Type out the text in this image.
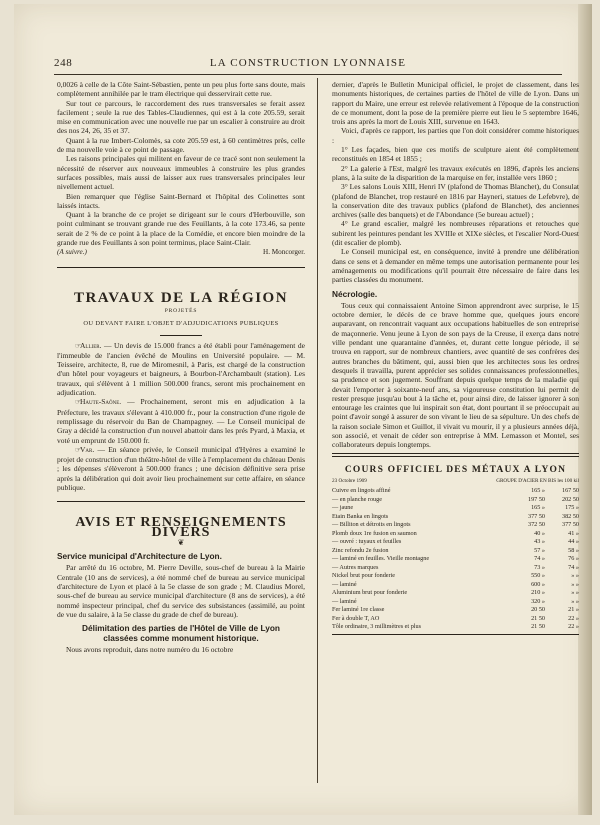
248	LA CONSTRUCTION LYONNAISE

0,0026 à celle de la Côte Saint-Sébastien, pente un peu plus forte sans doute, mais complètement annihilée par le tram électrique qui desservirait cette rue.

Sur tout ce parcours, le raccordement des rues transversales se ferait assez facilement ; seule la rue des Tables-Claudiennes, qui est à la cote 205.59, serait mise en communication avec une nouvelle rue par un escalier à construire au droit des nos 24, 26, 35 et 37.

Quant à la rue Imbert-Colomès, sa cote 205.59 est, à 60 centimètres près, celle de ma nouvelle voie à ce point de passage.

Les raisons principales qui militent en faveur de ce tracé sont non seulement la nécessité de réserver aux nouveaux immeubles à construire les plus grandes surfaces possibles, mais aussi de laisser aux rues transversales principales leur nivellement actuel.

Bien remarquer que l'église Saint-Bernard et l'hôpital des Colinettes sont laissés intacts.

Quant à la branche de ce projet se dirigeant sur le cours d'Herbouville, son point culminant se trouvant grande rue des Feuillants, à la cote 173.46, sa pente serait de 2 % de ce point à la place de la Comédie, et encore bien moindre de la grande rue des Feuillants à son point terminus, place Saint-Clair.

(A suivre.)	H. Moncorger.
TRAVAUX DE LA RÉGION
PROJETÉS
OU DEVANT FAIRE L'OBJET D'ADJUDICATIONS PUBLIQUES

☞Allier. — Un devis de 15.000 francs a été établi pour l'aménagement de l'immeuble de l'ancien évêché de Moulins en Université populaire. — M. Teisseire, architecte, 8, rue de Miromesnil, à Paris, est chargé de la construction d'un hôtel pour voyageurs et baigneurs, à Bourbon-l'Archambault (station). Les travaux, qui s'élèvent à 1 million 500.000 francs, seront mis prochainement en adjudication.

☞Haute-Saône. — Prochainement, seront mis en adjudication à la Préfecture, les travaux s'élevant à 410.000 fr., pour la construction d'une rigole de remplissage du réservoir du Ban de Champagney. — Le Conseil municipal de Gray a décidé la construction d'un nouvel abattoir dans les prés Pyard, à Maxia, et voté un emprunt de 150.000 fr.

☞Var. — En séance privée, le Conseil municipal d'Hyères a examiné le projet de construction d'un théâtre-hôtel de ville à l'emplacement du château Denis ; les dépenses s'élèveront à 500.000 francs ; une décision définitive sera prise après la délibération qui doit avoir lieu prochainement sur cette affaire, en séance publique.

AVIS ET RENSEIGNEMENTS DIVERS
❦
Service municipal d'Architecture de Lyon.

Par arrêté du 16 octobre, M. Pierre Deville, sous-chef de bureau à la Mairie Centrale (10 ans de services), a été nommé chef de bureau au service municipal d'architecture de Lyon et placé à la 5e classe de son grade ; M. Claudius Morel, sous-chef de bureau au service municipal d'architecture (8 ans de services), a été nommé inspecteur principal, chef du service des subsistances (assimilé, au point de vue du salaire, à la 5e classe du grade de chef de bureau).

Délimitation des parties de l'Hôtel de Ville de Lyon classées comme monument historique.

Nous avons reproduit, dans notre numéro du 16 octobre

dernier, d'après le Bulletin Municipal officiel, le projet de classement, dans les monuments historiques, de certaines parties de l'hôtel de ville de Lyon. Dans un rapport du Maire, une erreur est relevée relativement à l'époque de la construction de ce monument, dont la pose de la première pierre eut lieu le 5 septembre 1646, trois ans après la mort de Louis XIII, survenue en 1643.

Voici, d'après ce rapport, les parties que l'on doit considérer comme historiques :

1° Les façades, bien que ces motifs de sculpture aient été complètement reconstitués en 1854 et 1855 ;

2° La galerie à l'Est, malgré les travaux exécutés en 1896, d'après les anciens plans, à la suite de la disparition de la marquise en fer, installée vers 1860 ;

3° Les salons Louis XIII, Henri IV (plafond de Thomas Blanchet), du Consulat (plafond de Blanchet, trop restauré en 1816 par Hayneri, statues de Lefebvre), de la conservation dite des travaux publics (plafond de Blanchet), des anciennes archives (salle des banquets) et de l'Abondance (5e bureau actuel) ;

4° Le grand escalier, malgré les nombreuses réparations et retouches que subirent les peintures pendant les XVIIIe et XIXe siècles, et l'escalier Nord-Ouest (dit escalier de plomb).

Le Conseil municipal est, en conséquence, invité à prendre une délibération dans ce sens et à demander en même temps une autorisation permanente pour les aménagements ou modifications qu'il pourrait être nécessaire de faire dans les parties classées du monument.

Nécrologie.

Tous ceux qui connaissaient Antoine Simon apprendront avec surprise, le 15 octobre dernier, le décès de ce brave homme que, quelques jours encore auparavant, on rencontrait vaquant aux occupations habituelles de son entreprise de maçonnerie. Venu jeune à Lyon de son pays de la Creuse, il exerça dans notre ville pendant une quarantaine d'années, et, durant cette longue période, il se trouva en rapport, sur de nombreux chantiers, avec quantité de ses confrères des autres branches du bâtiment, qui, aussi bien que les architectes sous les ordres desquels il travailla, purent apprécier ses solides connaissances professionnelles, sa prudence et son jugement. Souffrant depuis quelque temps de la maladie qui devait l'emporter à soixante-neuf ans, sa vigoureuse constitution lui permit de rester presque jusqu'au bout à la tâche et, pour ainsi dire, de laisser ignorer à son entourage les craintes que lui inspirait son état, dont pourtant il se préoccupait au point d'avoir songé à assurer de son vivant le lieu de sa sépulture. Un des chefs de la raison sociale Simon et Guillot, il vivait vu mourir, il y a plusieurs années déjà, son associé, et venait de céder son entreprise à MM. Lemasson et Montel, ses collaborateurs depuis longtemps.

COURS OFFICIEL DES MÉTAUX A LYON
23 Octobre 1909	GROUPE D'ACIER EN BIS les 100 kil
Cuivre en lingots affiné	165 »	167 50
— en planche rouge	197 50	202 50
— jaune	165 »	175 »
Etain Banka en lingots	377 50	382 50
— Billiton et détroits en lingots	372 50	377 50
Plomb doux 1re fusion en saumon	40 »	41 »
— ouvré : tuyaux et feuilles	43 »	44 »
Zinc refondu 2e fusion	57 »	58 »
— laminé en feuilles. Vieille montagne	74 »	76 »
— Autres marques	73 »	74 »
Nickel brut pour fonderie	550 »	» »
— laminé	600 »	» »
Aluminium brut pour fonderie	210 »	» »
— laminé	320 »	» »
Fer laminé 1re classe	20 50	21 »
Fer à double T, AO	21 50	22 »
Tôle ordinaire, 3 millimètres et plus	21 50	22 »
